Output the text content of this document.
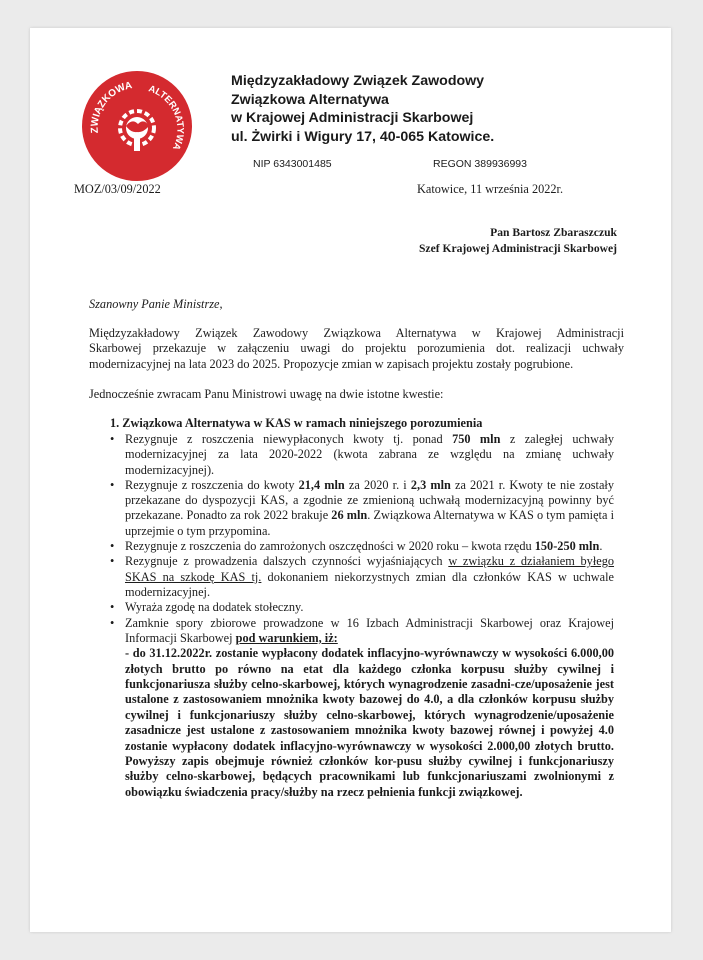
ZWIĄZKOWA ALTERNATYWA
Międzyzakładowy Związek Zawodowy
Związkowa Alternatywa
w Krajowej Administracji Skarbowej
ul. Żwirki i Wigury 17, 40-065 Katowice.
NIP 6343001485	REGON 389936993
MOZ/03/09/2022	Katowice, 11 września 2022r.
Pan Bartosz Zbaraszczuk
Szef Krajowej Administracji Skarbowej
Szanowny Panie Ministrze,
Międzyzakładowy Związek Zawodowy Związkowa Alternatywa w Krajowej Administracji
Skarbowej przekazuje w załączeniu uwagi do projektu porozumienia dot. realizacji uchwały
modernizacyjnej na lata 2023 do 2025. Propozycje zmian w zapisach projektu zostały pogrubione.
Jednocześnie zwracam Panu Ministrowi uwagę na dwie istotne kwestie:
1. Związkowa Alternatywa w KAS w ramach niniejszego porozumienia
• Rezygnuje z roszczenia niewypłaconych kwoty tj. ponad 750 mln z zaległej uchwały modernizacyjnej za lata 2020-2022 (kwota zabrana ze względu na zmianę uchwały modernizacyjnej).
• Rezygnuje z roszczenia do kwoty 21,4 mln za 2020 r. i 2,3 mln za 2021 r. Kwoty te nie zostały przekazane do dyspozycji KAS, a zgodnie ze zmienioną uchwałą modernizacyjną powinny być przekazane. Ponadto za rok 2022 brakuje 26 mln. Związkowa Alternatywa w KAS o tym pamięta i uprzejmie o tym przypomina.
• Rezygnuje z roszczenia do zamrożonych oszczędności w 2020 roku – kwota rzędu 150-250 mln.
• Rezygnuje z prowadzenia dalszych czynności wyjaśniających w związku z działaniem byłego SKAS na szkodę KAS tj. dokonaniem niekorzystnych zmian dla członków KAS w uchwale modernizacyjnej.
• Wyraża zgodę na dodatek stołeczny.
• Zamknie spory zbiorowe prowadzone w 16 Izbach Administracji Skarbowej oraz Krajowej Informacji Skarbowej pod warunkiem, iż:
- do 31.12.2022r. zostanie wypłacony dodatek inflacyjno-wyrównawczy w wysokości 6.000,00 złotych brutto po równo na etat dla każdego członka korpusu służby cywilnej i funkcjonariusza służby celno-skarbowej, których wynagrodzenie zasadni-cze/uposażenie jest ustalone z zastosowaniem mnożnika kwoty bazowej do 4.0, a dla członków korpusu służby cywilnej i funkcjonariuszy służby celno-skarbowej, których wynagrodzenie/uposażenie zasadnicze jest ustalone z zastosowaniem mnożnika kwoty bazowej równej i powyżej 4.0 zostanie wypłacony dodatek inflacyjno-wyrównawczy w wysokości 2.000,00 złotych brutto. Powyższy zapis obejmuje również członków kor-pusu służby cywilnej i funkcjonariuszy służby celno-skarbowej, będących pracownikami lub funkcjonariuszami zwolnionymi z obowiązku świadczenia pracy/służby na rzecz pełnienia funkcji związkowej.
